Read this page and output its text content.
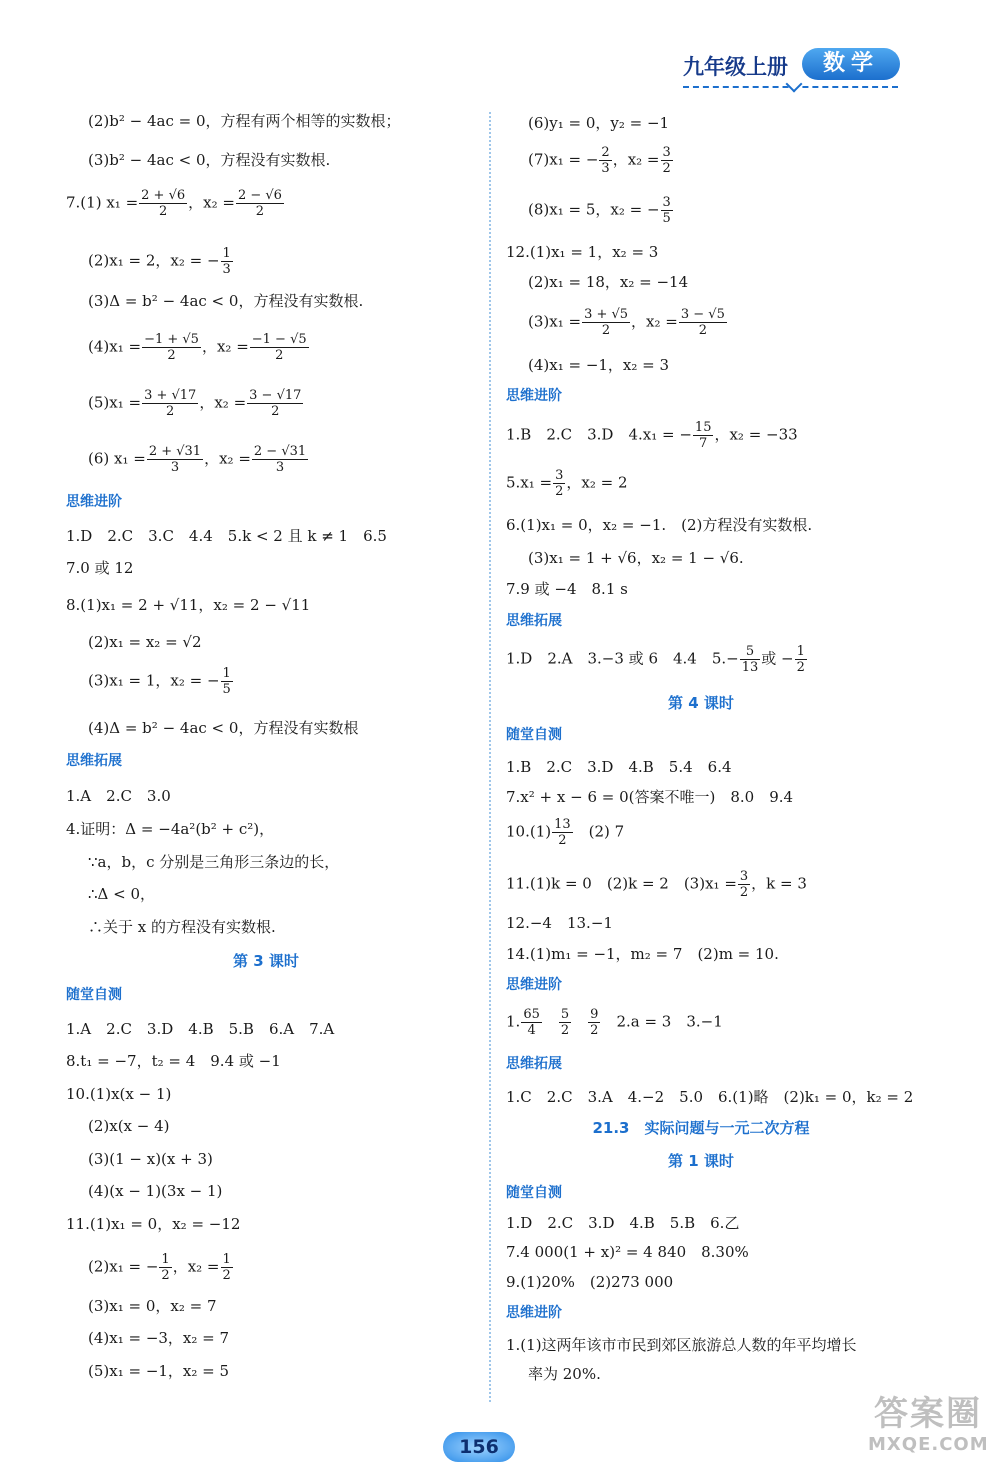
九年级上册	数学
(2)b² − 4ac = 0，方程有两个相等的实数根；
(3)b² − 4ac < 0，方程没有实数根.
7.(1) $x_1 = \frac{2 + √6}{2}$ ，$x_2 = \frac{2 - √6}{2}$
(2)x₁ = 2，x₂ = − $\frac{1}{3}$
(3)Δ = b² − 4ac < 0，方程没有实数根.
$(4)x_1 = \frac{-1 + √5}{2}$ ，$x_2 = \frac{-1 - √5}{2}$
$(5)x_1 = \frac{3 + √17}{2}$ ，$x_2 = \frac{3 - √17}{2}$
(6) $x_1 = \frac{2 + √31}{3}$ ，$x_2 = \frac{2 - √31}{3}$
思维进阶
1.D　2.C　3.C　4.4　5.k < 2 且 k ≠ 1　6.5
7.0 或 12
8.(1)x₁ = 2 + √11，x₂ = 2 − √11
(2)x₁ = x₂ = √2
(3)x₁ = 1，x₂ = − $\frac{1}{5}$
(4)Δ = b² − 4ac < 0，方程没有实数根
思维拓展
1.A　2.C　3.0
4.证明：Δ = −4a²(b² + c²)，
∵a，b，c 分别是三角形三条边的长，
∴Δ < 0，
∴关于 x 的方程没有实数根.
第 3 课时
随堂自测
1.A　2.C　3.D　4.B　5.B　6.A　7.A
8.t₁ = −7，t₂ = 4　9.4 或 −1
10.(1)x(x − 1)
(2)x(x − 4)
(3)(1 − x)(x + 3)
(4)(x − 1)(3x − 1)
11.(1)x₁ = 0，x₂ = −12
(2)x₁ = − $\frac{1}{2}$ ，$x_2 = \frac{1}{2}$
(3)x₁ = 0，x₂ = 7
(4)x₁ = −3，x₂ = 7
(5)x₁ = −1，x₂ = 5
(6)y₁ = 0，y₂ = −1
(7)x₁ = − $\frac{2}{3}$ ，$x_2 = \frac{3}{2}$
(8)x₁ = 5，x₂ = − $\frac{3}{5}$
12.(1)x₁ = 1，x₂ = 3
(2)x₁ = 18，x₂ = −14
$(3)x_1 = \frac{3 + √5}{2}$ ，$x_2 = \frac{3 - √5}{2}$
(4)x₁ = −1，x₂ = 3
思维进阶
1.B　2.C　3.D　4.x₁ = − $\frac{15}{7}$ ，x₂ = −33
$5.x_1 = \frac{3}{2}$ ，x₂ = 2
6.(1)x₁ = 0，x₂ = −1.　(2)方程没有实数根.
(3)x₁ = 1 + √6，x₂ = 1 − √6.
7.9 或 −4　8.1 s
思维拓展
1.D　2.A　3.−3 或 6　4.4　$5.- \frac{5}{13}$ 或 − $\frac{1}{2}$
第 4 课时
随堂自测
1.B　2.C　3.D　4.B　5.4　6.4
7.x² + x − 6 = 0(答案不唯一)　8.0　9.4
$10.(1) \frac{13}{2}$ 　(2) 7
11.(1)k = 0　(2)k = 2　$(3)x_1 = \frac{3}{2}$ ，k = 3
12.−4　13.−1
14.(1)m₁ = −1，m₂ = 7　(2)m = 10.
思维进阶
1. $\frac{65}{4}$
　 $\frac{5}{2}$
　 $\frac{9}{2}$ 　2.a = 3　3.−1
思维拓展
1.C　2.C　3.A　4.−2　5.0　6.(1)略　(2)k₁ = 0，k₂ = 2
21.3　实际问题与一元二次方程
第 1 课时
随堂自测
1.D　2.C　3.D　4.B　5.B　6.乙
7.4 000(1 + x)² = 4 840　8.30%
9.(1)20%　(2)273 000
思维进阶
1.(1)这两年该市市民到郊区旅游总人数的年平均增长
率为 20%.
156
答案圈
MXQE.COM
